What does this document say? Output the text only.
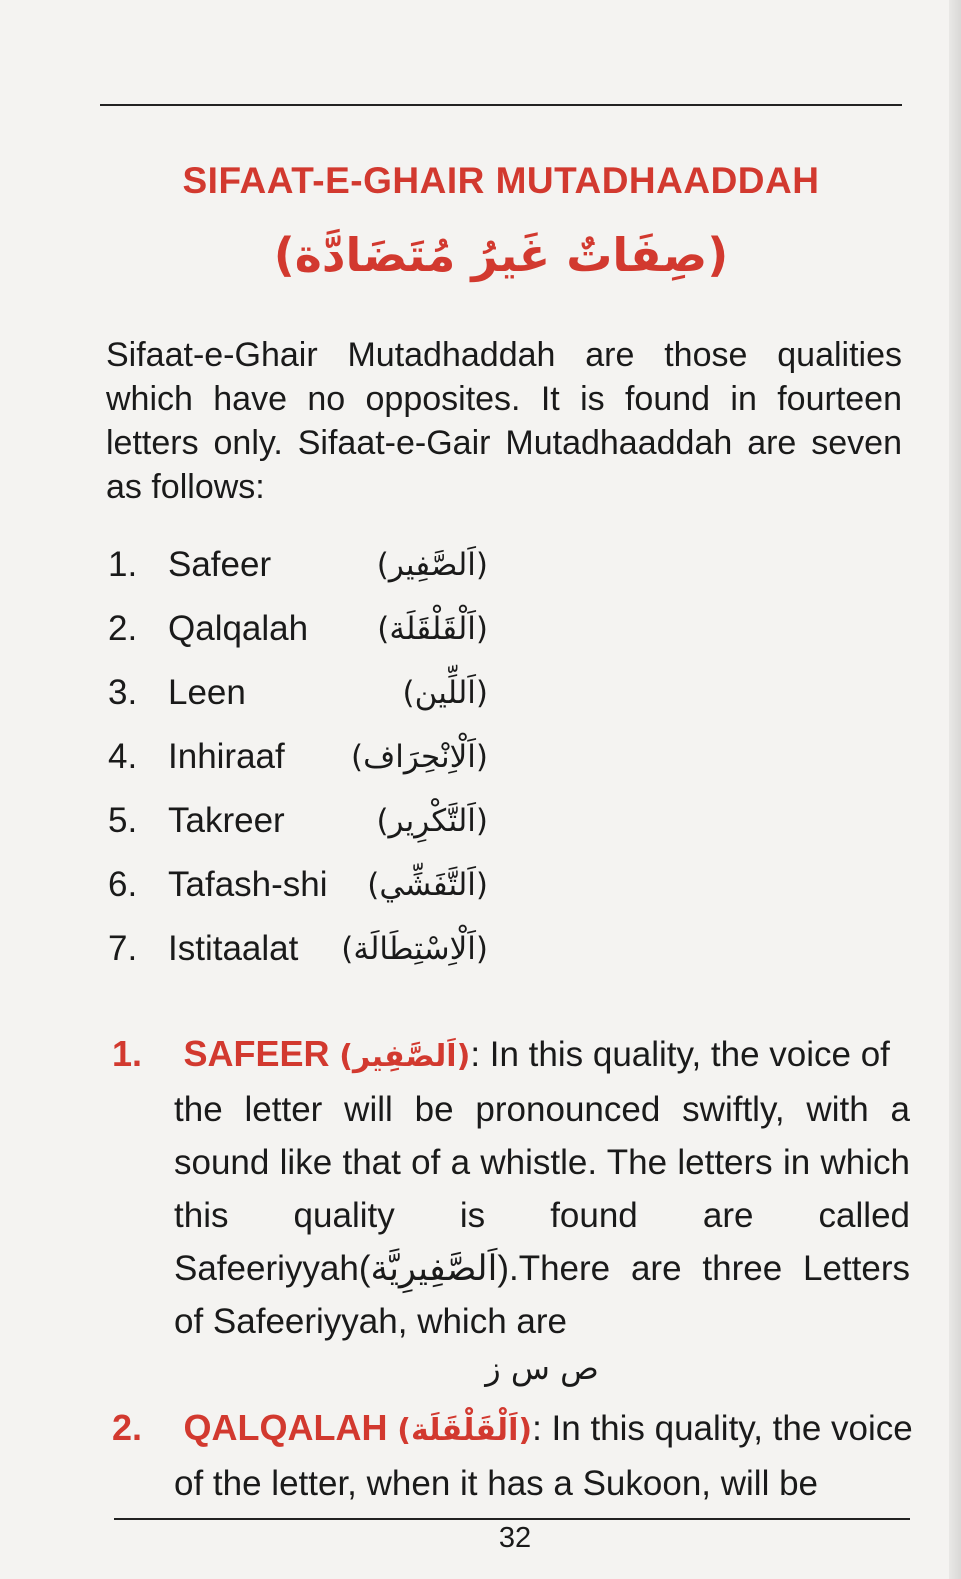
SIFAAT-E-GHAIR MUTADHAADDAH
(صِفَاتٌ غَيرُ مُتَضَادَّة)
Sifaat-e-Ghair Mutadhaddah are those qualities which have no opposites. It is found in fourteen letters only. Sifaat-e-Gair Mutadhaaddah are seven as follows:
1. Safeer	(اَلصَّفِير)
2. Qalqalah (اَلْقَلْقَلَة)
3. Leen	(اَللِّين)
4. Inhiraaf (اَلْاِنْحِرَاف)
5. Takreer	(اَلتَّكْرِير)
6. Tafash-shi (اَلتَّفَشِّي)
7. Istitaalat (اَلْاِسْتِطَالَة)
1. SAFEER (اَلصَّفِير): In this quality, the voice of
the letter will be pronounced swiftly, with a sound like that of a whistle. The letters in which this quality is found are called Safeeriyyah(اَلصَّفِيرِيَّة).There are three Letters of Safeeriyyah, which are
ص س ز
2. QALQALAH (اَلْقَلْقَلَة): In this quality, the voice
of the letter, when it has a Sukoon, will be
32
